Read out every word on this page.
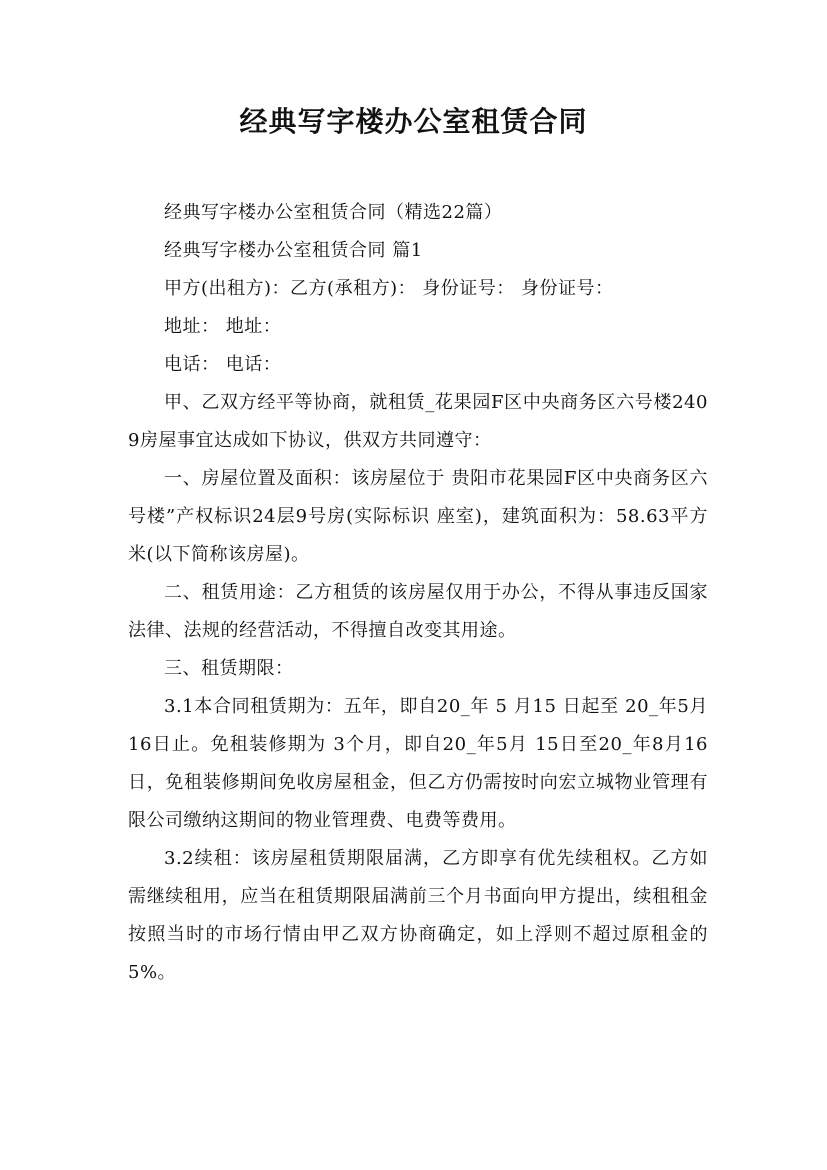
经典写字楼办公室租赁合同

经典写字楼办公室租赁合同（精选22篇）

经典写字楼办公室租赁合同 篇1

甲方(出租方)：乙方(承租方)： 身份证号： 身份证号：

地址： 地址：

电话： 电话：

甲、乙双方经平等协商，就租赁_花果园F区中央商务区六号楼2409房屋事宜达成如下协议，供双方共同遵守：

一、房屋位置及面积：该房屋位于 贵阳市花果园F区中央商务区六号楼”产权标识24层9号房(实际标识 座室)，建筑面积为：58.63平方米(以下简称该房屋)。

二、租赁用途：乙方租赁的该房屋仅用于办公，不得从事违反国家法律、法规的经营活动，不得擅自改变其用途。

三、租赁期限：

3.1本合同租赁期为：五年，即自20_年 5 月15 日起至 20_年5月16日止。免租装修期为 3个月，即自20_年5月 15日至20_年8月16日，免租装修期间免收房屋租金，但乙方仍需按时向宏立城物业管理有限公司缴纳这期间的物业管理费、电费等费用。

3.2续租：该房屋租赁期限届满，乙方即享有优先续租权。乙方如需继续租用，应当在租赁期限届满前三个月书面向甲方提出，续租租金按照当时的市场行情由甲乙双方协商确定，如上浮则不超过原租金的5%。
